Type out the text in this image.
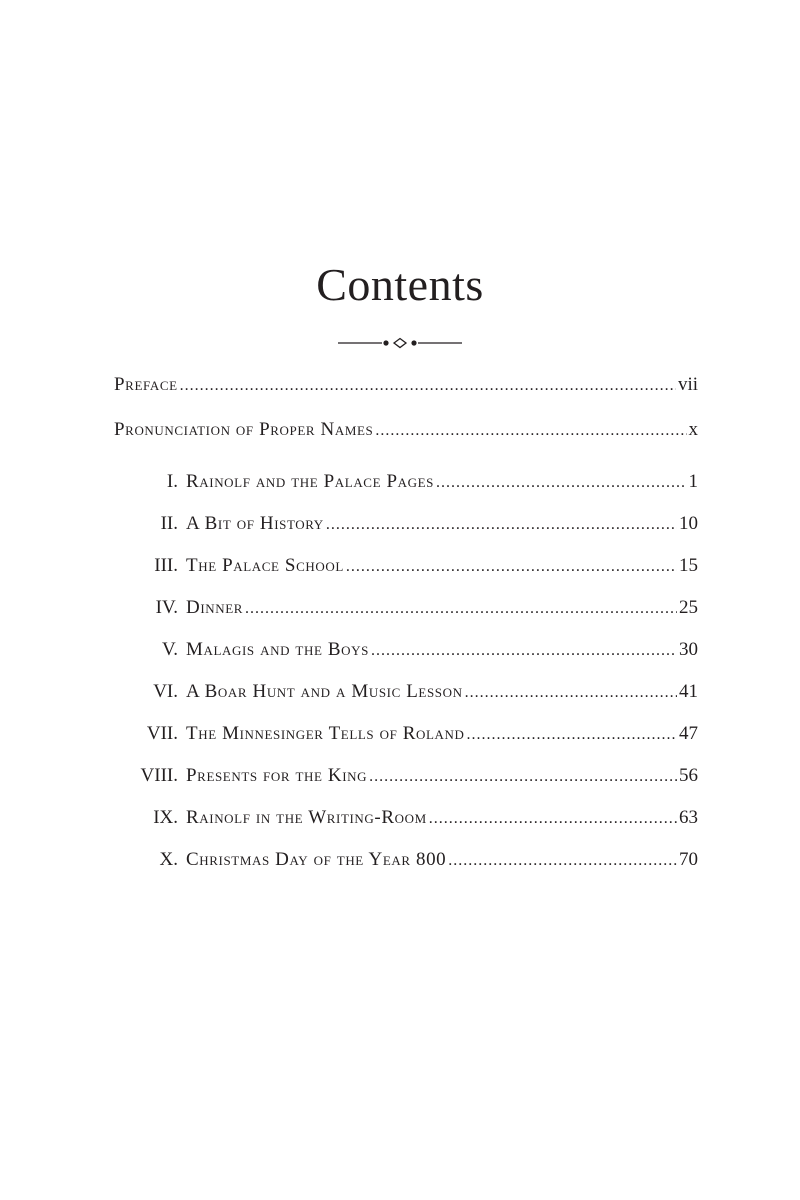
Contents
Preface .....	vii
Pronunciation of Proper Names .....	x
I. Rainolf and the Palace Pages .....	1
II. A Bit of History .....	10
III. The Palace School .....	15
IV. Dinner .....	25
V. Malagis and the Boys .....	30
VI. A Boar Hunt and a Music Lesson .....	41
VII. The Minnesinger Tells of Roland .....	47
VIII. Presents for the King .....	56
IX. Rainolf in the Writing-Room .....	63
X. Christmas Day of the Year 800 .....	70
